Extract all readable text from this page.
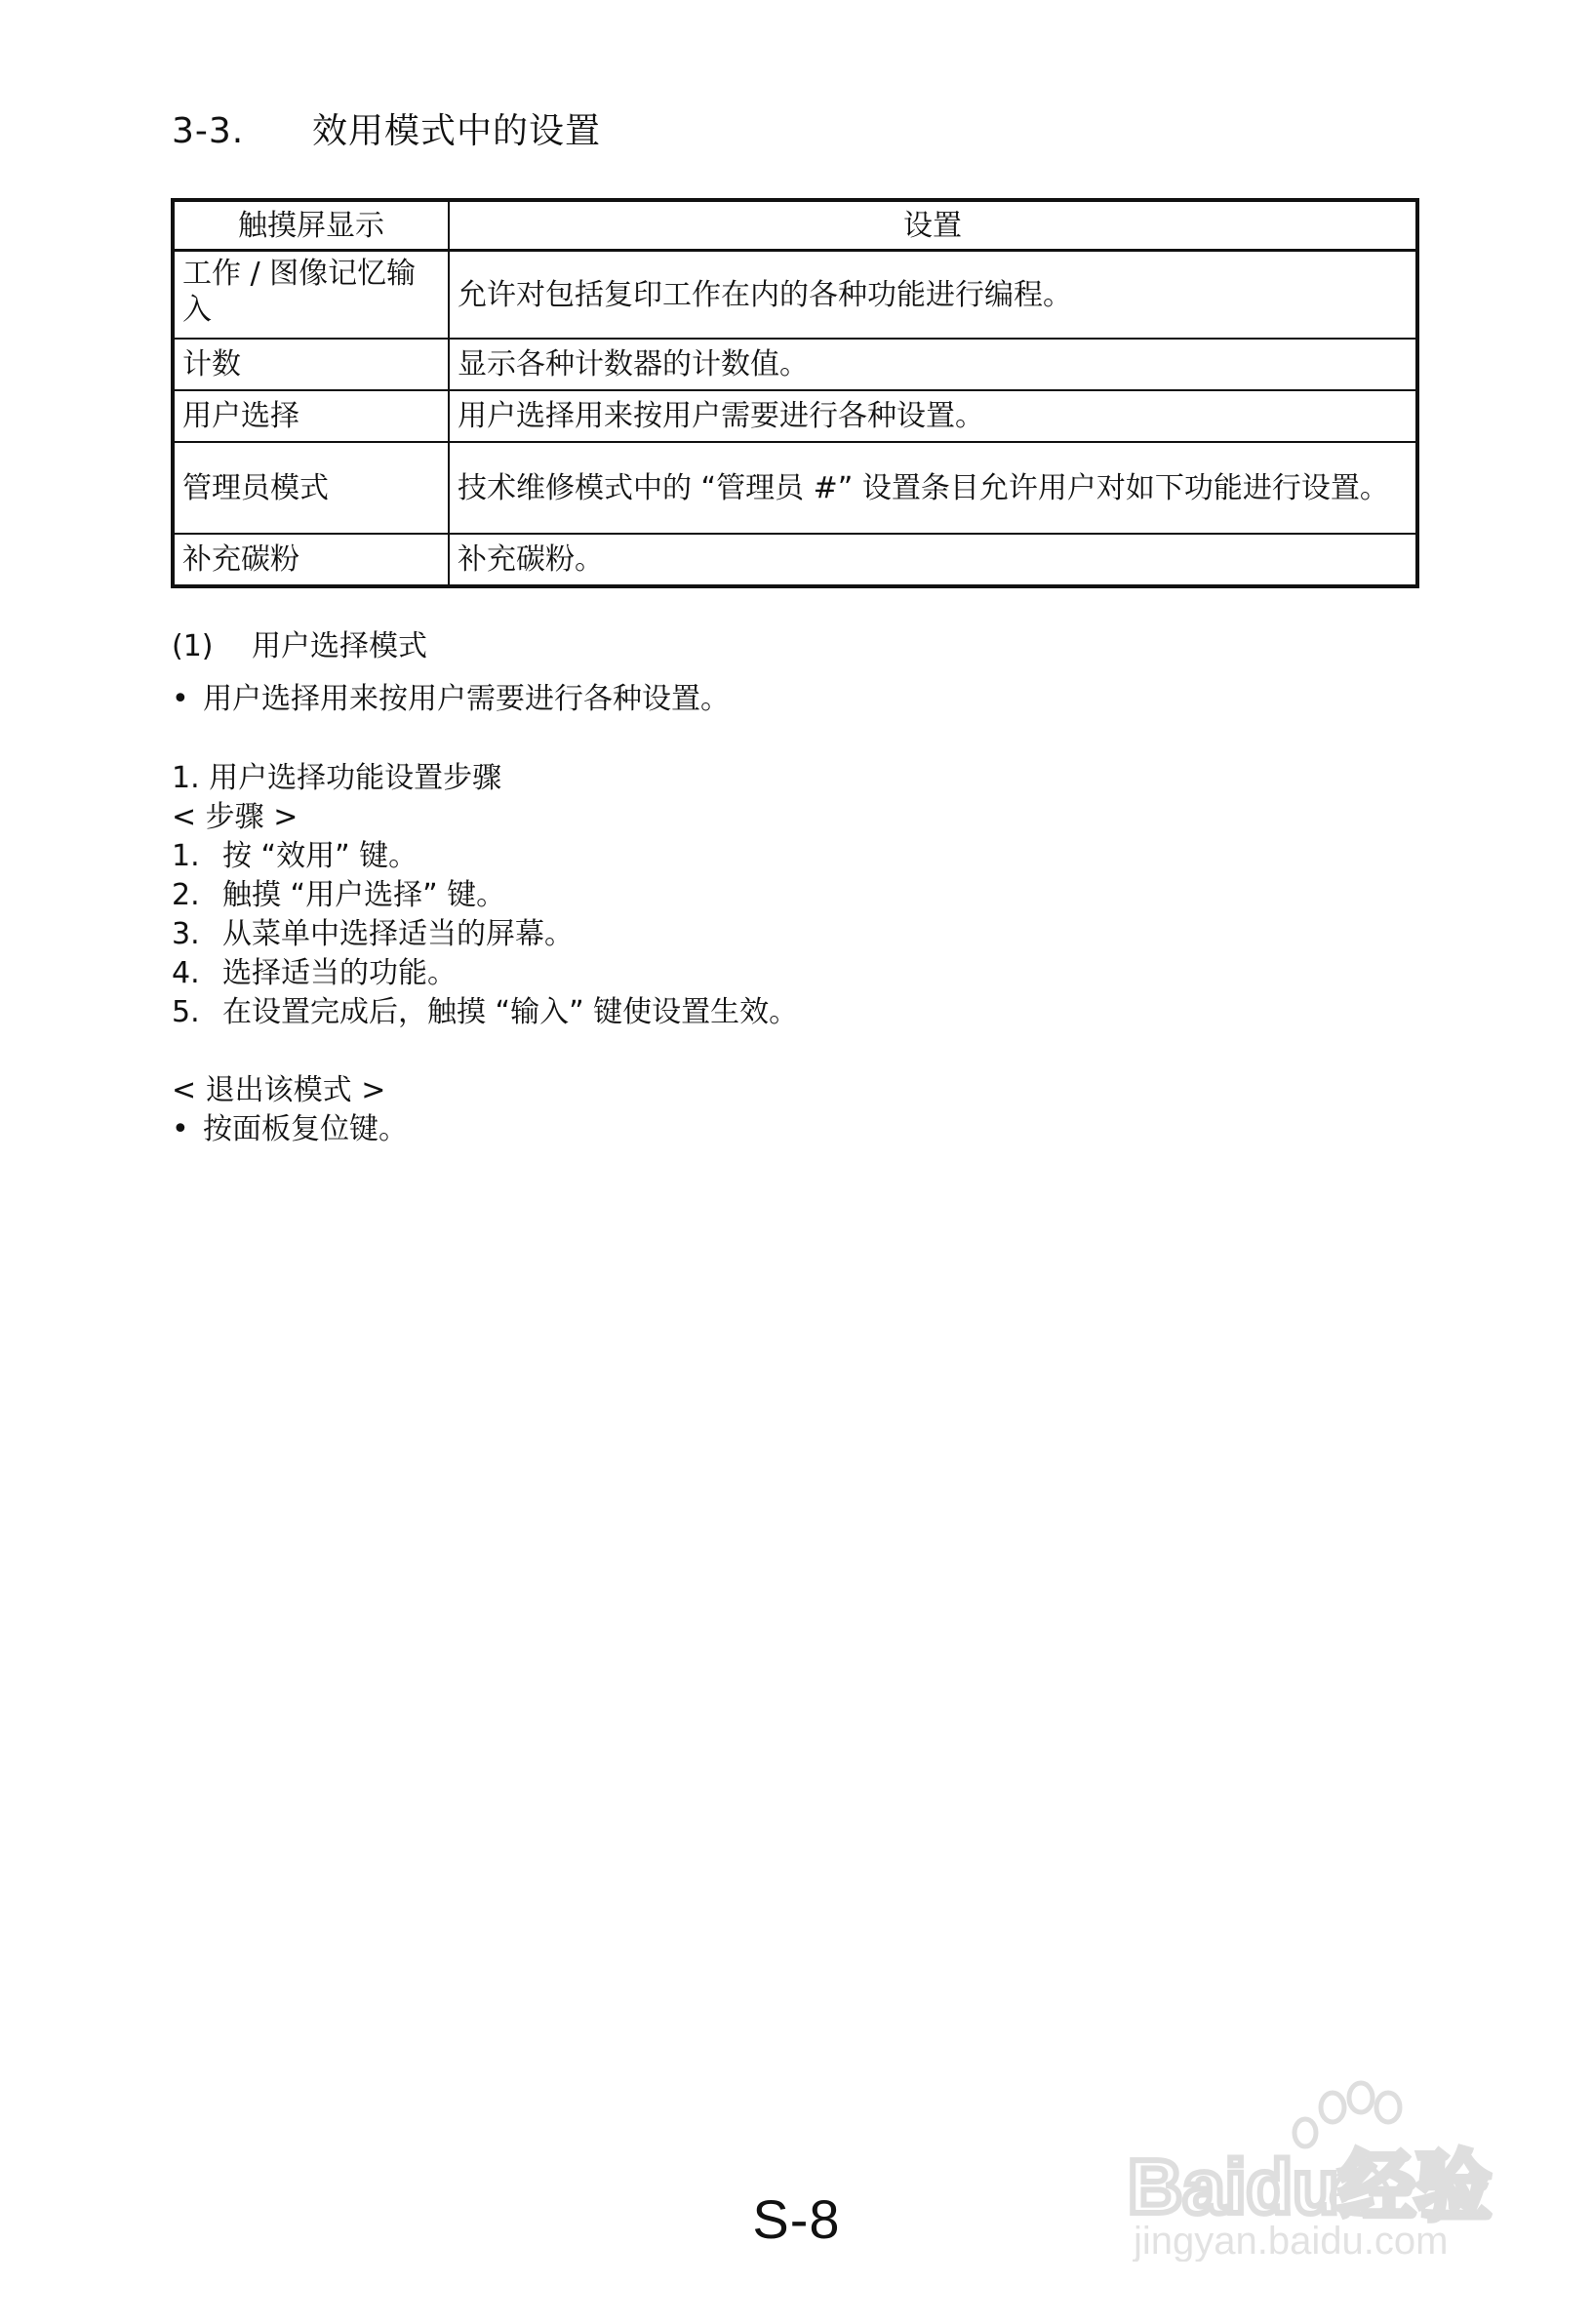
3-3. 效用模式中的设置
触摸屏显示	设置
工作 / 图像记忆输入	允许对包括复印工作在内的各种功能进行编程。
计数	显示各种计数器的计数值。
用户选择	用户选择用来按用户需要进行各种设置。
管理员模式	技术维修模式中的 “管理员 #” 设置条目允许用户对如下功能进行设置。
补充碳粉	补充碳粉。
(1) 用户选择模式
• 用户选择用来按用户需要进行各种设置。
1. 用户选择功能设置步骤
< 步骤 >
1. 按 “效用” 键。
2. 触摸 “用户选择” 键。
3. 从菜单中选择适当的屏幕。
4. 选择适当的功能。
5. 在设置完成后，触摸 “输入” 键使设置生效。
< 退出该模式 >
• 按面板复位键。
S-8	Baidu经验
jingyan.baidu.com
